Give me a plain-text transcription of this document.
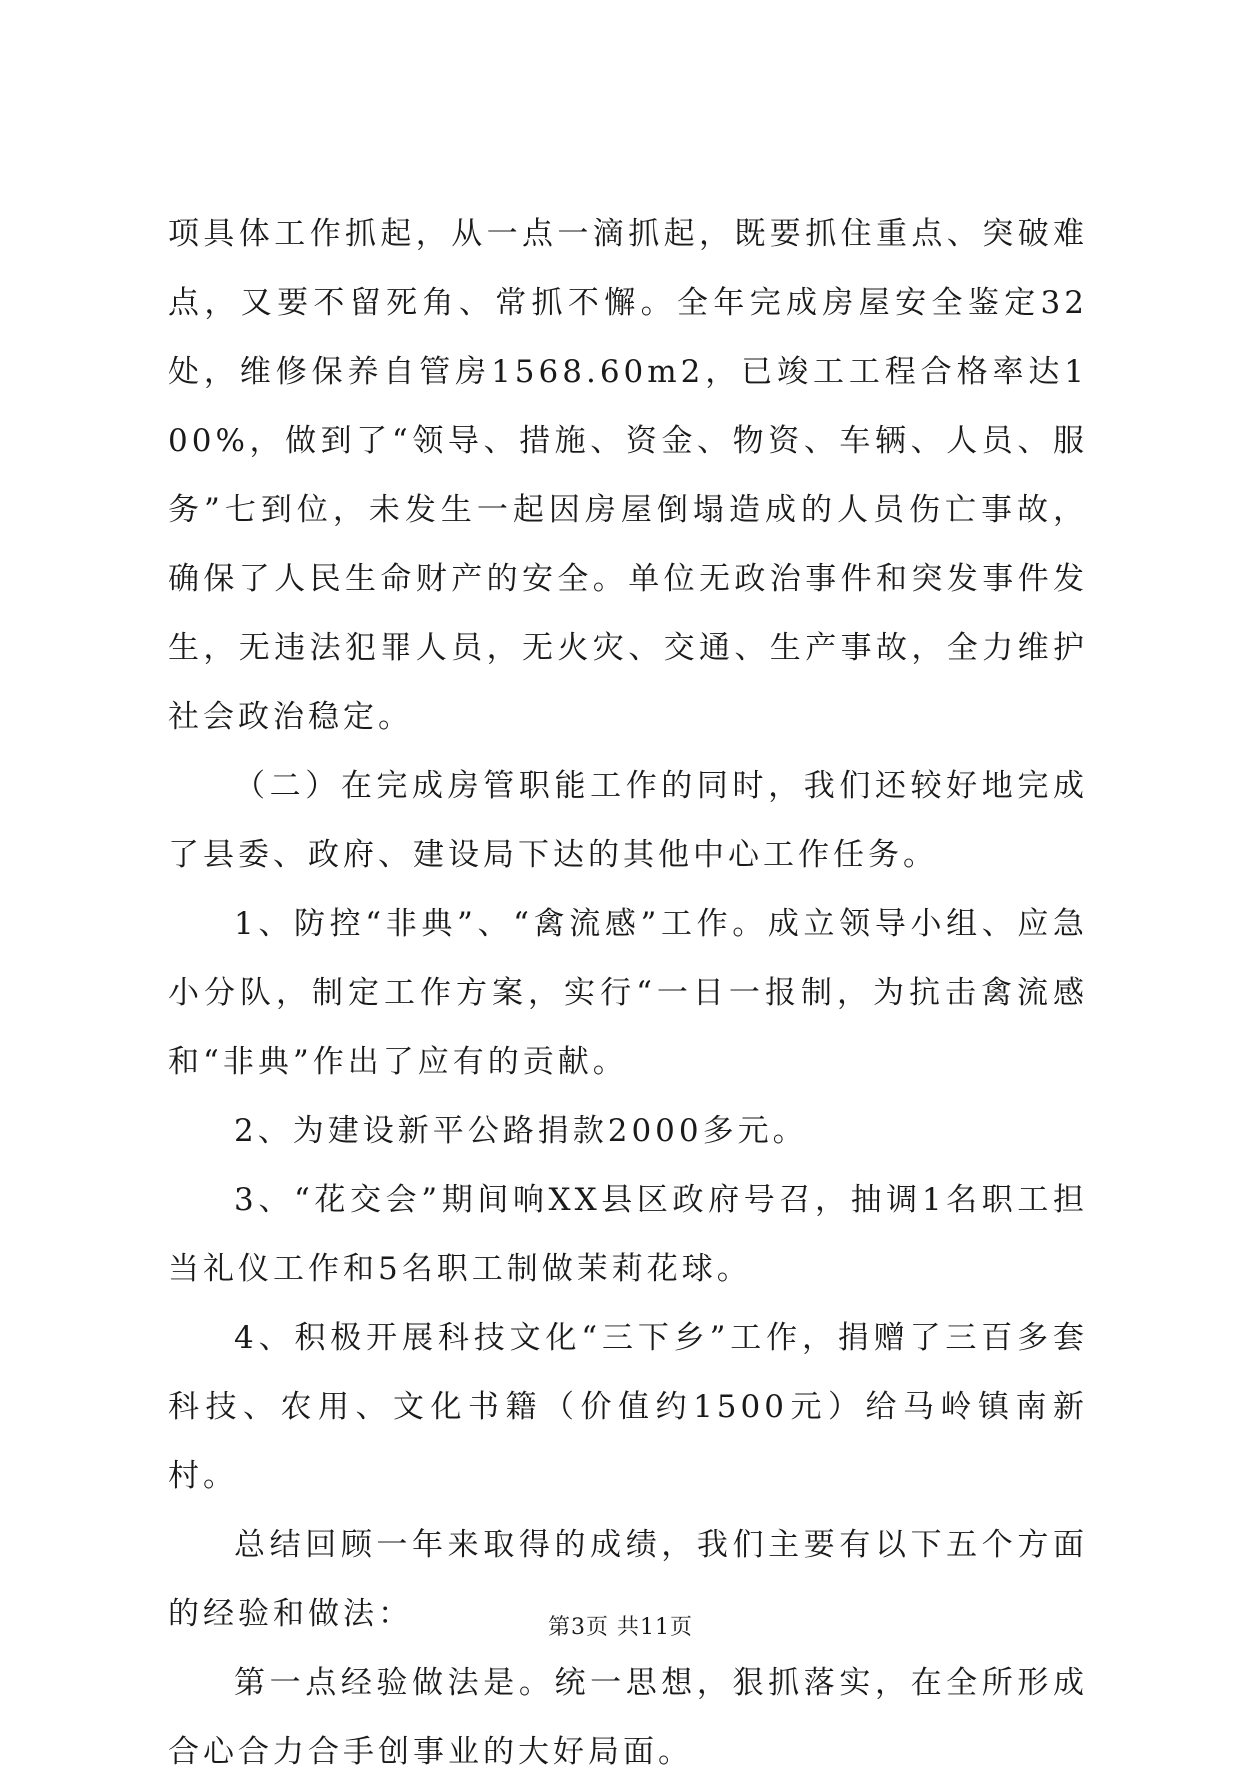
项具体工作抓起，从一点一滴抓起，既要抓住重点、突破难点，又要不留死角、常抓不懈。全年完成房屋安全鉴定32处，维修保养自管房1568.60m2，已竣工工程合格率达100%，做到了“领导、措施、资金、物资、车辆、人员、服务”七到位，未发生一起因房屋倒塌造成的人员伤亡事故，确保了人民生命财产的安全。单位无政治事件和突发事件发生，无违法犯罪人员，无火灾、交通、生产事故，全力维护社会政治稳定。

（二）在完成房管职能工作的同时，我们还较好地完成了县委、政府、建设局下达的其他中心工作任务。

1、防控“非典”、“禽流感”工作。成立领导小组、应急小分队，制定工作方案，实行“一日一报制，为抗击禽流感和“非典”作出了应有的贡献。

2、为建设新平公路捐款2000多元。

3、“花交会”期间响XX县区政府号召，抽调1名职工担当礼仪工作和5名职工制做茉莉花球。

4、积极开展科技文化“三下乡”工作，捐赠了三百多套科技、农用、文化书籍（价值约1500元）给马岭镇南新村。

总结回顾一年来取得的成绩，我们主要有以下五个方面的经验和做法：

第一点经验做法是。统一思想，狠抓落实，在全所形成合心合力合手创事业的大好局面。

第3页 共11页
